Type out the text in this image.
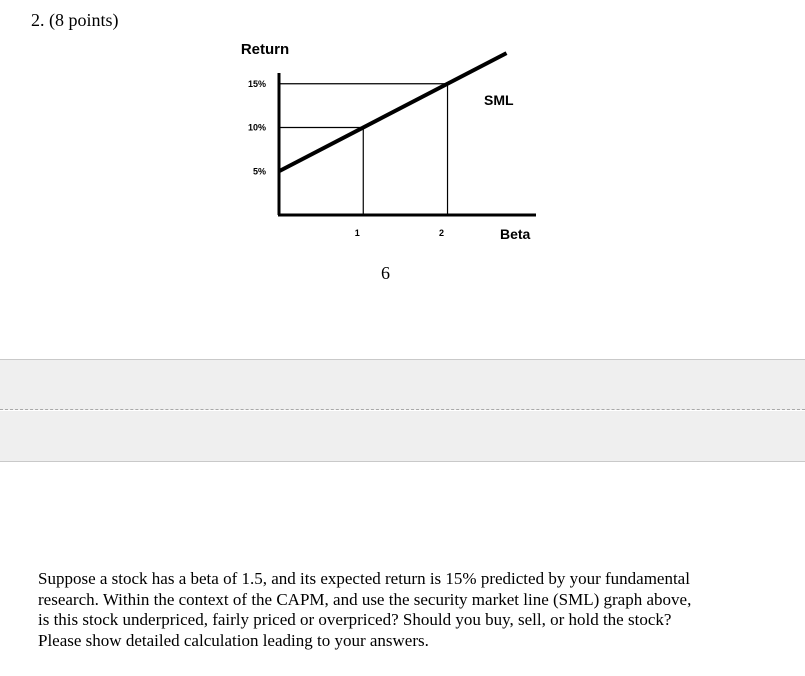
2. (8 points)
Return
5%
10%
15%
1	2
SML
Beta
6
Suppose a stock has a beta of 1.5, and its expected return is 15% predicted by your fundamental
research. Within the context of the CAPM, and use the security market line (SML) graph above,
is this stock underpriced, fairly priced or overpriced? Should you buy, sell, or hold the stock?
Please show detailed calculation leading to your answers.
